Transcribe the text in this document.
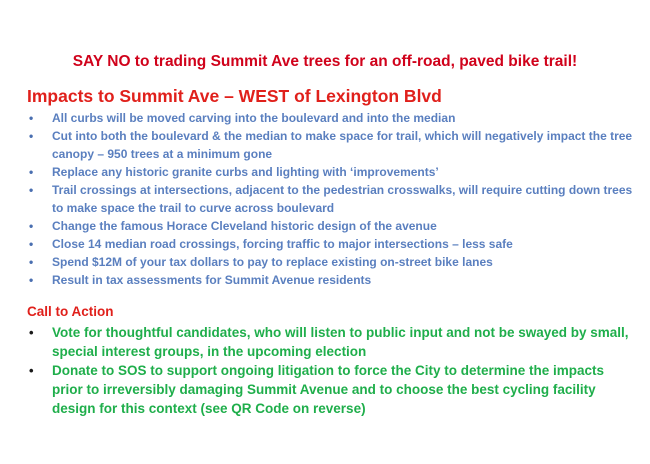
SAY NO to trading Summit Ave trees for an off-road, paved bike trail!
Impacts to Summit Ave – WEST of Lexington Blvd
• All curbs will be moved carving into the boulevard and into the median
• Cut into both the boulevard & the median to make space for trail, which will negatively impact the tree canopy – 950 trees at a minimum gone
• Replace any historic granite curbs and lighting with ‘improvements’
• Trail crossings at intersections, adjacent to the pedestrian crosswalks, will require cutting down trees to make space the trail to curve across boulevard
• Change the famous Horace Cleveland historic design of the avenue
• Close 14 median road crossings, forcing traffic to major intersections – less safe
• Spend $12M of your tax dollars to pay to replace existing on-street bike lanes
• Result in tax assessments for Summit Avenue residents
Call to Action
• Vote for thoughtful candidates, who will listen to public input and not be swayed by small, special interest groups, in the upcoming election
• Donate to SOS to support ongoing litigation to force the City to determine the impacts prior to irreversibly damaging Summit Avenue and to choose the best cycling facility design for this context (see QR Code on reverse)
